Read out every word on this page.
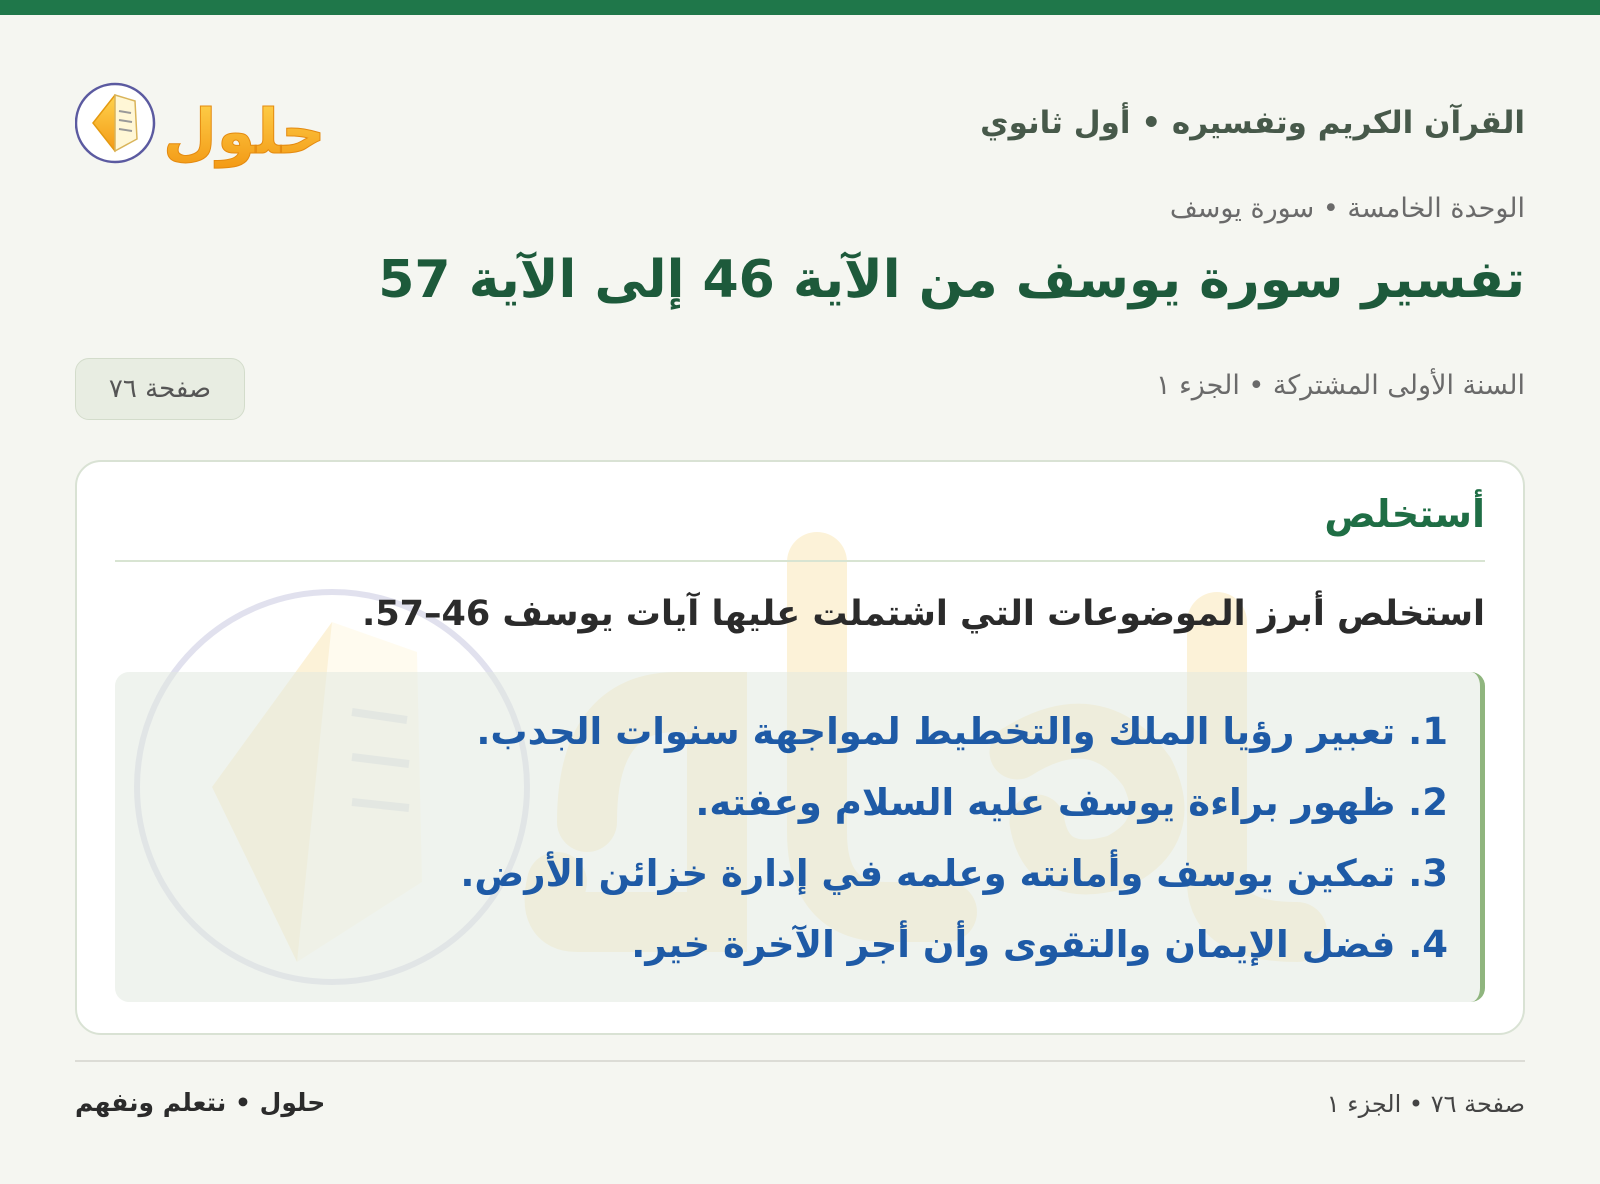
القرآن الكريم وتفسيره • أول ثانوي
حلول
الوحدة الخامسة • سورة يوسف
تفسير سورة يوسف من الآية 46 إلى الآية 57
السنة الأولى المشتركة • الجزء ١
صفحة ٧٦
أستخلص
استخلص أبرز الموضوعات التي اشتملت عليها آيات يوسف 46–57.
1. تعبير رؤيا الملك والتخطيط لمواجهة سنوات الجدب.
2. ظهور براءة يوسف عليه السلام وعفته.
3. تمكين يوسف وأمانته وعلمه في إدارة خزائن الأرض.
4. فضل الإيمان والتقوى وأن أجر الآخرة خير.
صفحة ٧٦ • الجزء ١
حلول • نتعلم ونفهم
